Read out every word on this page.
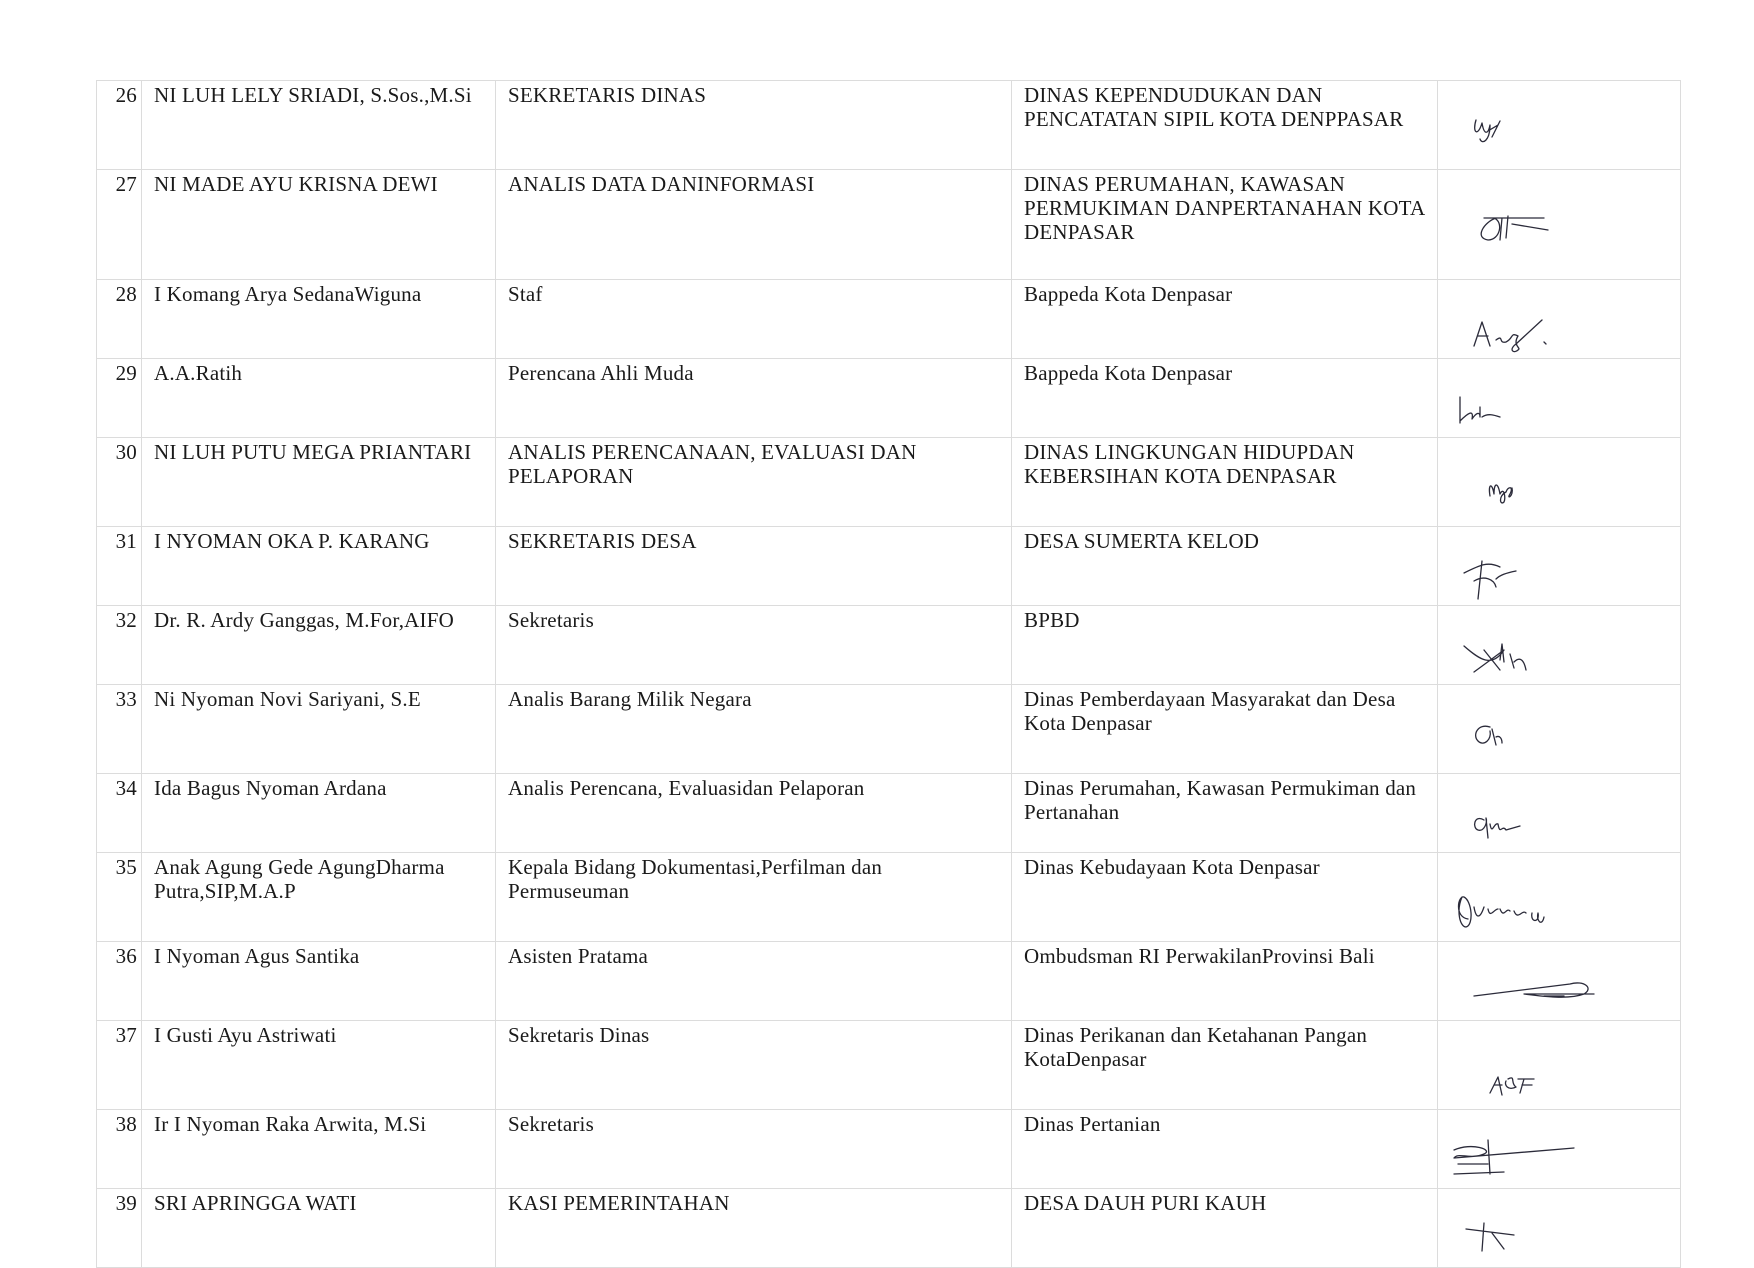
26	NI LUH LELY SRIADI, S.Sos.,M.Si	SEKRETARIS DINAS	DINAS KEPENDUDUKAN DAN PENCATATAN SIPIL KOTA DENPPASAR	

27	NI MADE AYU KRISNA DEWI	ANALIS DATA DANINFORMASI	DINAS PERUMAHAN, KAWASAN PERMUKIMAN DANPERTANAHAN KOTA DENPASAR	

28	I Komang Arya SedanaWiguna	Staf	Bappeda Kota Denpasar	

29	A.A.Ratih	Perencana Ahli Muda	Bappeda Kota Denpasar	

30	NI LUH PUTU MEGA PRIANTARI	ANALIS PERENCANAAN, EVALUASI DAN PELAPORAN	DINAS LINGKUNGAN HIDUPDAN KEBERSIHAN KOTA DENPASAR	

31	I NYOMAN OKA P. KARANG	SEKRETARIS DESA	DESA SUMERTA KELOD	

32	Dr. R. Ardy Ganggas, M.For,AIFO	Sekretaris	BPBD	

33	Ni Nyoman Novi Sariyani, S.E	Analis Barang Milik Negara	Dinas Pemberdayaan Masyarakat dan Desa Kota Denpasar	

34	Ida Bagus Nyoman Ardana	Analis Perencana, Evaluasidan Pelaporan	Dinas Perumahan, Kawasan Permukiman dan Pertanahan	

35	Anak Agung Gede AgungDharma Putra,SIP,M.A.P	Kepala Bidang Dokumentasi,Perfilman dan Permuseuman	Dinas Kebudayaan Kota Denpasar	

36	I Nyoman Agus Santika	Asisten Pratama	Ombudsman RI PerwakilanProvinsi Bali	

37	I Gusti Ayu Astriwati	Sekretaris Dinas	Dinas Perikanan dan Ketahanan Pangan KotaDenpasar	

38	Ir I Nyoman Raka Arwita, M.Si	Sekretaris	Dinas Pertanian	

39	SRI APRINGGA WATI	KASI PEMERINTAHAN	DESA DAUH PURI KAUH	
